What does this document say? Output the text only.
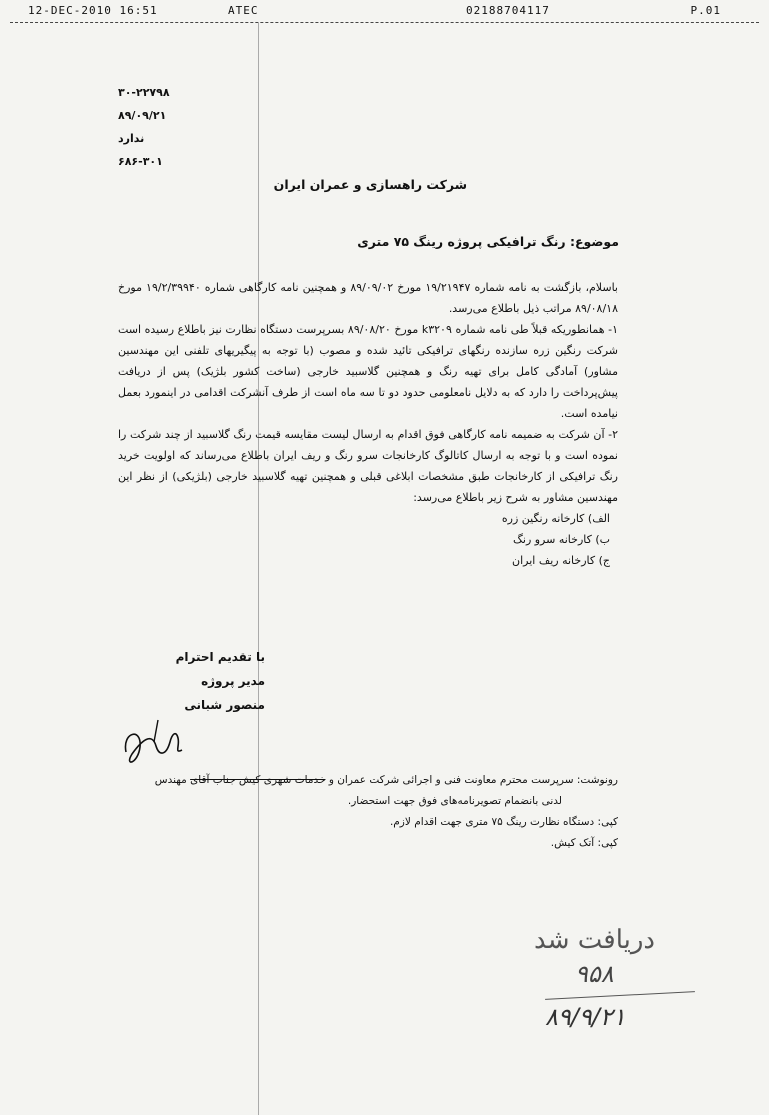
12-DEC-2010 16:51	ATEC	02188704117	P.01
۳۰-۲۲۷۹۸
۸۹/۰۹/۲۱
ندارد
۶۸۶-۳۰۱
شرکت راهسازی و عمران ایران
موضوع: رنگ ترافیکی پروژه رینگ ۷۵ متری

باسلام، بازگشت به نامه شماره ۱۹/۲۱۹۴۷ مورخ ۸۹/۰۹/۰۲ و همچنین نامه کارگاهی شماره ۱۹/۲/۳۹۹۴۰ مورخ ۸۹/۰۸/۱۸ مراتب ذیل باطلاع می‌رسد.

۱- همانطوریکه قبلاً طی نامه شماره k۳۲۰۹ مورخ ۸۹/۰۸/۲۰ بسرپرست دستگاه نظارت نیز باطلاع رسیده است شرکت رنگین زره سازنده رنگهای ترافیکی تائید شده و مصوب (با توجه به پیگیریهای تلفنی این مهندسین مشاور) آمادگی کامل برای تهیه رنگ و همچنین گلاسبید خارجی (ساخت کشور بلژیک) پس از دریافت پیش‌پرداخت را دارد که به دلایل نامعلومی حدود دو تا سه ماه است از طرف آنشرکت اقدامی در اینمورد بعمل نیامده است.

۲- آن شرکت به ضمیمه نامه کارگاهی فوق اقدام به ارسال لیست مقایسه قیمت رنگ گلاسبید از چند شرکت را نموده است و با توجه به ارسال کاتالوگ کارخانجات سرو رنگ و ریف ایران باطلاع می‌رساند که اولویت خرید رنگ ترافیکی از کارخانجات طبق مشخصات ابلاغی قبلی و همچنین تهیه گلاسبید خارجی (بلژیکی) از نظر این مهندسین مشاور به شرح زیر باطلاع می‌رسد:

الف) کارخانه رنگین زره

ب) کارخانه سرو رنگ

ج) کارخانه ریف ایران

با تقدیم احترام
مدیر پروژه
منصور شبانی
رونوشت: سرپرست محترم معاونت فنی و اجرائی شرکت عمران و خدمات شهری کیش جناب آقای مهندس
لدنی بانضمام تصویرنامه‌های فوق جهت استحضار.
کپی: دستگاه نظارت رینگ ۷۵ متری جهت اقدام لازم.
کپی: آتک کیش.
دریافت شد
۹۵۸
۸۹/۹/۲۱
